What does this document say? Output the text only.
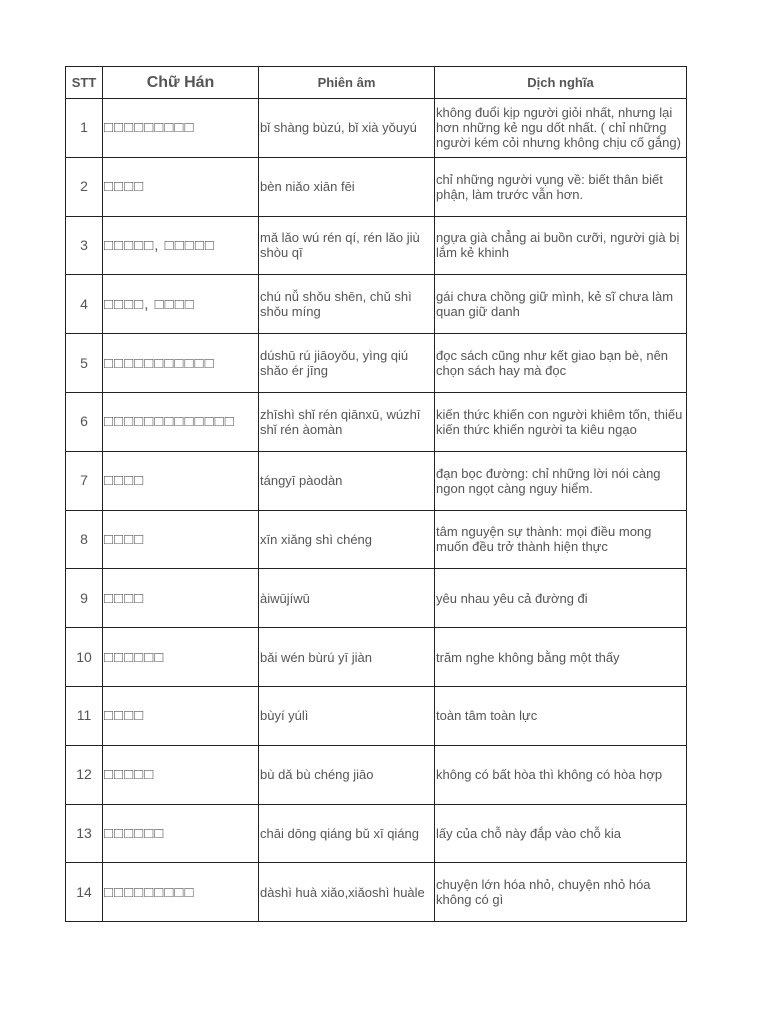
STT	Chữ Hán	Phiên âm	Dịch nghĩa
1	□□□□□□□□□	bǐ shàng bùzú, bǐ xià yǒuyú	không đuổi kịp người giỏi nhất, nhưng lại hơn những kẻ ngu dốt nhất. ( chỉ những người kém cỏi nhưng không chịu cố gắng)
2	□□□□	bèn niǎo xiān fēi	chỉ những người vụng về: biết thân biết phận, làm trước vẫn hơn.
3	□□□□□, □□□□□	mǎ lǎo wú rén qí, rén lǎo jiù shòu qī	ngựa già chẳng ai buồn cưỡi, người già bị lắm kẻ khinh
4	□□□□, □□□□	chú nǚ shǒu shēn, chǔ shì shǒu míng	gái chưa chồng giữ mình, kẻ sĩ chưa làm quan giữ danh
5	□□□□□□□□□□□	dúshū rú jiāoyǒu, yìng qiú shǎo ér jīng	đọc sách cũng như kết giao bạn bè, nên chọn sách hay mà đọc
6	□□□□□□□□□□□□□	zhīshì shǐ rén qiānxū, wúzhī shǐ rén àomàn	kiến thức khiến con người khiêm tốn, thiếu kiến thức khiến người ta kiêu ngạo
7	□□□□	tángyī pàodàn	đạn bọc đường: chỉ những lời nói càng ngon ngọt càng nguy hiểm.
8	□□□□	xīn xiǎng shì chéng	tâm nguyện sự thành: mọi điều mong muốn đều trở thành hiện thực
9	□□□□	àiwūjíwū	yêu nhau yêu cả đường đi
10	□□□□□□	bǎi wén bùrú yī jiàn	trăm nghe không bằng một thấy
11	□□□□	bùyí yúlì	toàn tâm toàn lực
12	□□□□□	bù dǎ bù chéng jiāo	không có bất hòa thì không có hòa hợp
13	□□□□□□	chāi dōng qiáng bǔ xī qiáng	lấy của chỗ này đắp vào chỗ kia
14	□□□□□□□□□	dàshì huà xiǎo,xiǎoshì huàle	chuyện lớn hóa nhỏ, chuyện nhỏ hóa không có gì
